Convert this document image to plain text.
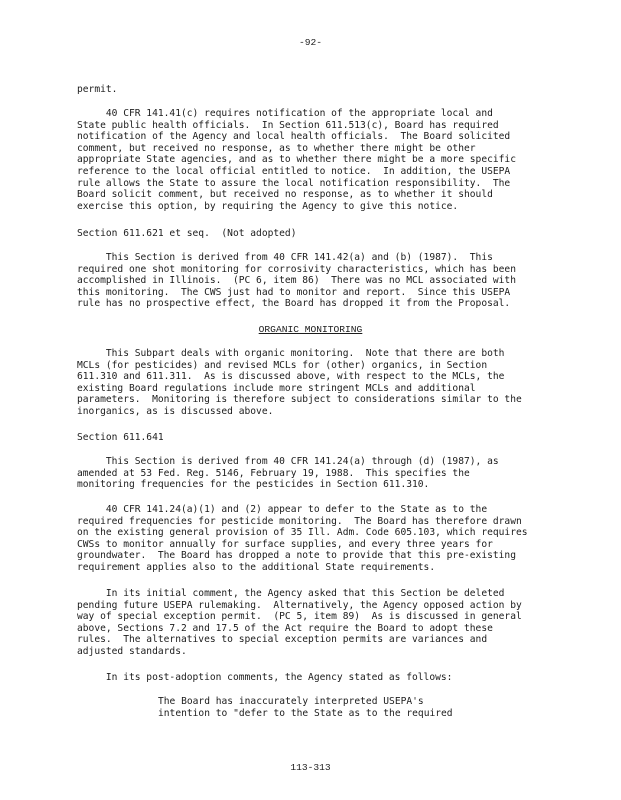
-92-
permit.
40 CFR 141.41(c) requires notification of the appropriate local and
State public health officials.  In Section 611.513(c), Board has required
notification of the Agency and local health officials.  The Board solicited
comment, but received no response, as to whether there might be other
appropriate State agencies, and as to whether there might be a more specific
reference to the local official entitled to notice.  In addition, the USEPA
rule allows the State to assure the local notification responsibility.  The
Board solicit comment, but received no response, as to whether it should
exercise this option, by requiring the Agency to give this notice.
Section 611.621 et seq.  (Not adopted)
This Section is derived from 40 CFR 141.42(a) and (b) (1987).  This
required one shot monitoring for corrosivity characteristics, which has been
accomplished in Illinois.  (PC 6, item 86)  There was no MCL associated with
this monitoring.  The CWS just had to monitor and report.  Since this USEPA
rule has no prospective effect, the Board has dropped it from the Proposal.
ORGANIC MONITORING
This Subpart deals with organic monitoring.  Note that there are both
MCLs (for pesticides) and revised MCLs for (other) organics, in Section
611.310 and 611.311.  As is discussed above, with respect to the MCLs, the
existing Board regulations include more stringent MCLs and additional
parameters.  Monitoring is therefore subject to considerations similar to the
inorganics, as is discussed above.
Section 611.641
This Section is derived from 40 CFR 141.24(a) through (d) (1987), as
amended at 53 Fed. Reg. 5146, February 19, 1988.  This specifies the
monitoring frequencies for the pesticides in Section 611.310.
40 CFR 141.24(a)(1) and (2) appear to defer to the State as to the
required frequencies for pesticide monitoring.  The Board has therefore drawn
on the existing general provision of 35 Ill. Adm. Code 605.103, which requires
CWSs to monitor annually for surface supplies, and every three years for
groundwater.  The Board has dropped a note to provide that this pre-existing
requirement applies also to the additional State requirements.
In its initial comment, the Agency asked that this Section be deleted
pending future USEPA rulemaking.  Alternatively, the Agency opposed action by
way of special exception permit.  (PC 5, item 89)  As is discussed in general
above, Sections 7.2 and 17.5 of the Act require the Board to adopt these
rules.  The alternatives to special exception permits are variances and
adjusted standards.
In its post-adoption comments, the Agency stated as follows:
The Board has inaccurately interpreted USEPA's
intention to "defer to the State as to the required
113-313
